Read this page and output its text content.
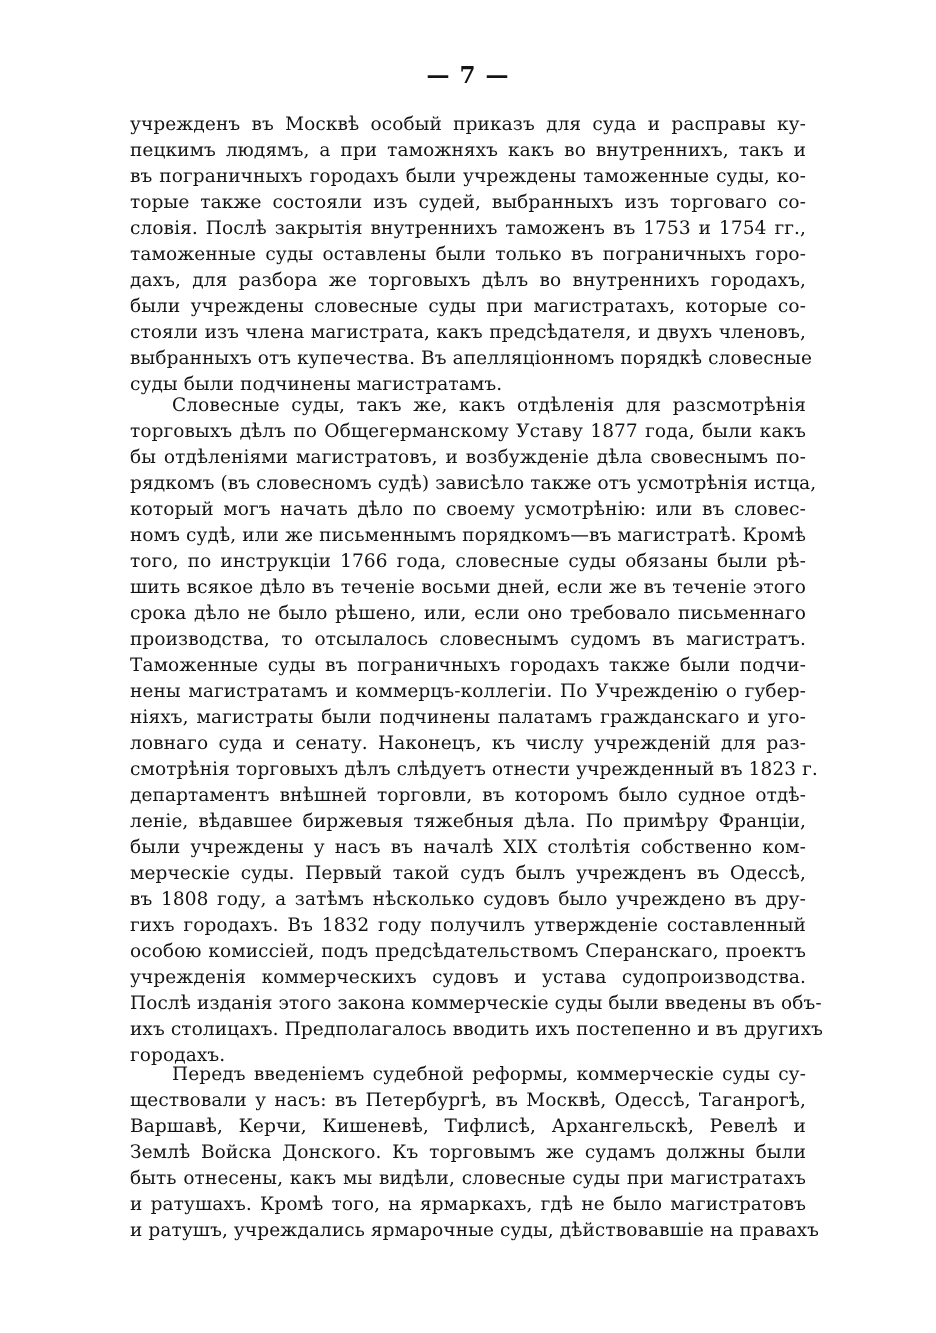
— 7 —
учрежденъ въ Москвѣ особый приказъ для суда и расправы ку-
пецкимъ людямъ, а при таможняхъ какъ во внутреннихъ, такъ и
въ пограничныхъ городахъ были учреждены таможенные суды, ко-
торые также состояли изъ судей, выбранныхъ изъ торговаго со-
словія. Послѣ закрытія внутреннихъ таможенъ въ 1753 и 1754 гг.,
таможенные суды оставлены были только въ пограничныхъ горо-
дахъ, для разбора же торговыхъ дѣлъ во внутреннихъ городахъ,
были учреждены словесные суды при магистратахъ, которые со-
стояли изъ члена магистрата, какъ предсѣдателя, и двухъ членовъ,
выбранныхъ отъ купечества. Въ апелляціонномъ порядкѣ словесные
суды были подчинены магистратамъ.
Словесные суды, такъ же, какъ отдѣленія для разсмотрѣнія
торговыхъ дѣлъ по Общегерманскому Уставу 1877 года, были какъ
бы отдѣленіями магистратовъ, и возбужденіе дѣла свовеснымъ по-
рядкомъ (въ словесномъ судѣ) зависѣло также отъ усмотрѣнія истца,
который могъ начать дѣло по своему усмотрѣнію: или въ словес-
номъ судѣ, или же письменнымъ порядкомъ—въ магистратѣ. Кромѣ
того, по инструкціи 1766 года, словесные суды обязаны были рѣ-
шить всякое дѣло въ теченіе восьми дней, если же въ теченіе этого
срока дѣло не было рѣшено, или, если оно требовало письменнаго
производства, то отсылалось словеснымъ судомъ въ магистратъ.
Таможенные суды въ пограничныхъ городахъ также были подчи-
нены магистратамъ и коммерцъ-коллегіи. По Учрежденію о губер-
ніяхъ, магистраты были подчинены палатамъ гражданскаго и уго-
ловнаго суда и сенату. Наконецъ, къ числу учрежденій для раз-
смотрѣнія торговыхъ дѣлъ слѣдуетъ отнести учрежденный въ 1823 г.
департаментъ внѣшней торговли, въ которомъ было судное отдѣ-
леніе, вѣдавшее биржевыя тяжебныя дѣла. По примѣру Франціи,
были учреждены у насъ въ началѣ XIX столѣтія собственно ком-
мерческіе суды. Первый такой судъ былъ учрежденъ въ Одессѣ,
въ 1808 году, а затѣмъ нѣсколько судовъ было учреждено въ дру-
гихъ городахъ. Въ 1832 году получилъ утвержденіе составленный
особою комиссіей, подъ предсѣдательствомъ Сперанскаго, проектъ
учрежденія коммерческихъ судовъ и устава судопроизводства.
Послѣ изданія этого закона коммерческіе суды были введены въ объ-
ихъ столицахъ. Предполагалось вводить ихъ постепенно и въ другихъ
городахъ.
Передъ введеніемъ судебной реформы, коммерческіе суды су-
ществовали у насъ: въ Петербургѣ, въ Москвѣ, Одессѣ, Таганрогѣ,
Варшавѣ, Керчи, Кишеневѣ, Тифлисѣ, Архангельскѣ, Ревелѣ и
Землѣ Войска Донского. Къ торговымъ же судамъ должны были
быть отнесены, какъ мы видѣли, словесные суды при магистратахъ
и ратушахъ. Кромѣ того, на ярмаркахъ, гдѣ не было магистратовъ
и ратушъ, учреждались ярмарочные суды, дѣйствовавшіе на правахъ
